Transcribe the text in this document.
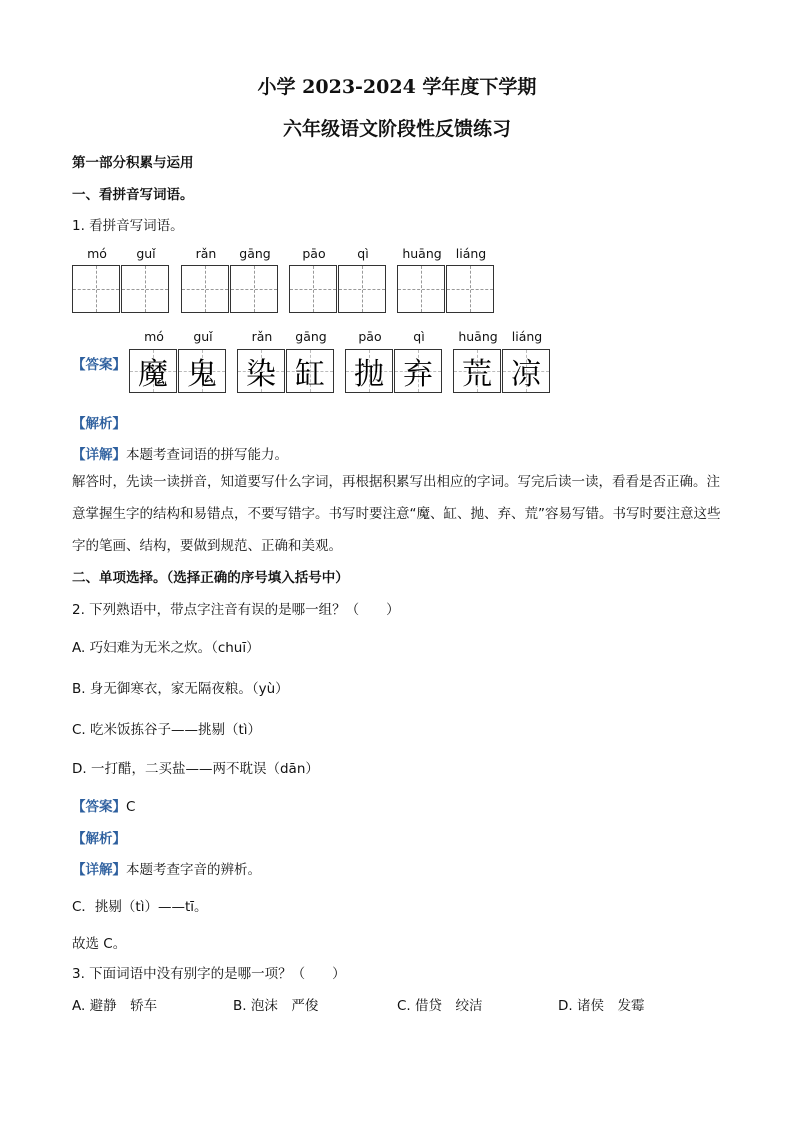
小学 2023-2024 学年度下学期
六年级语文阶段性反馈练习
第一部分积累与运用
一、看拼音写词语。
1. 看拼音写词语。
mó	guǐ	rǎn	gāng	pāo	qì	huāng	liáng
【答案】
mó	guǐ	rǎn	gāng	pāo	qì	huāng	liáng
魔 鬼 染 缸 抛 弃 荒 凉
【解析】
【详解】本题考查词语的拼写能力。
解答时，先读一读拼音，知道要写什么字词，再根据积累写出相应的字词。写完后读一读，看看是否正确。注意掌握生字的结构和易错点，不要写错字。书写时要注意“魔、缸、抛、弃、荒”容易写错。书写时要注意这些字的笔画、结构，要做到规范、正确和美观。
二、单项选择。（选择正确的序号填入括号中）
2. 下列熟语中，带点字注音有误的是哪一组？（　　）
A. 巧妇难为无米之炊。（chuī）
B. 身无御寒衣，家无隔夜粮。（yù）
C. 吃米饭拣谷子——挑剔（tì）
D. 一打醋，二买盐——两不耽误（dān）
【答案】C
【解析】
【详解】本题考查字音的辨析。
C．挑剔（tì）——tī。
故选 C。
3. 下面词语中没有别字的是哪一项？（　　）
A. 避静　轿车	B. 泡沫　严俊	C. 借贷　绞洁	D. 诸侯　发霉
